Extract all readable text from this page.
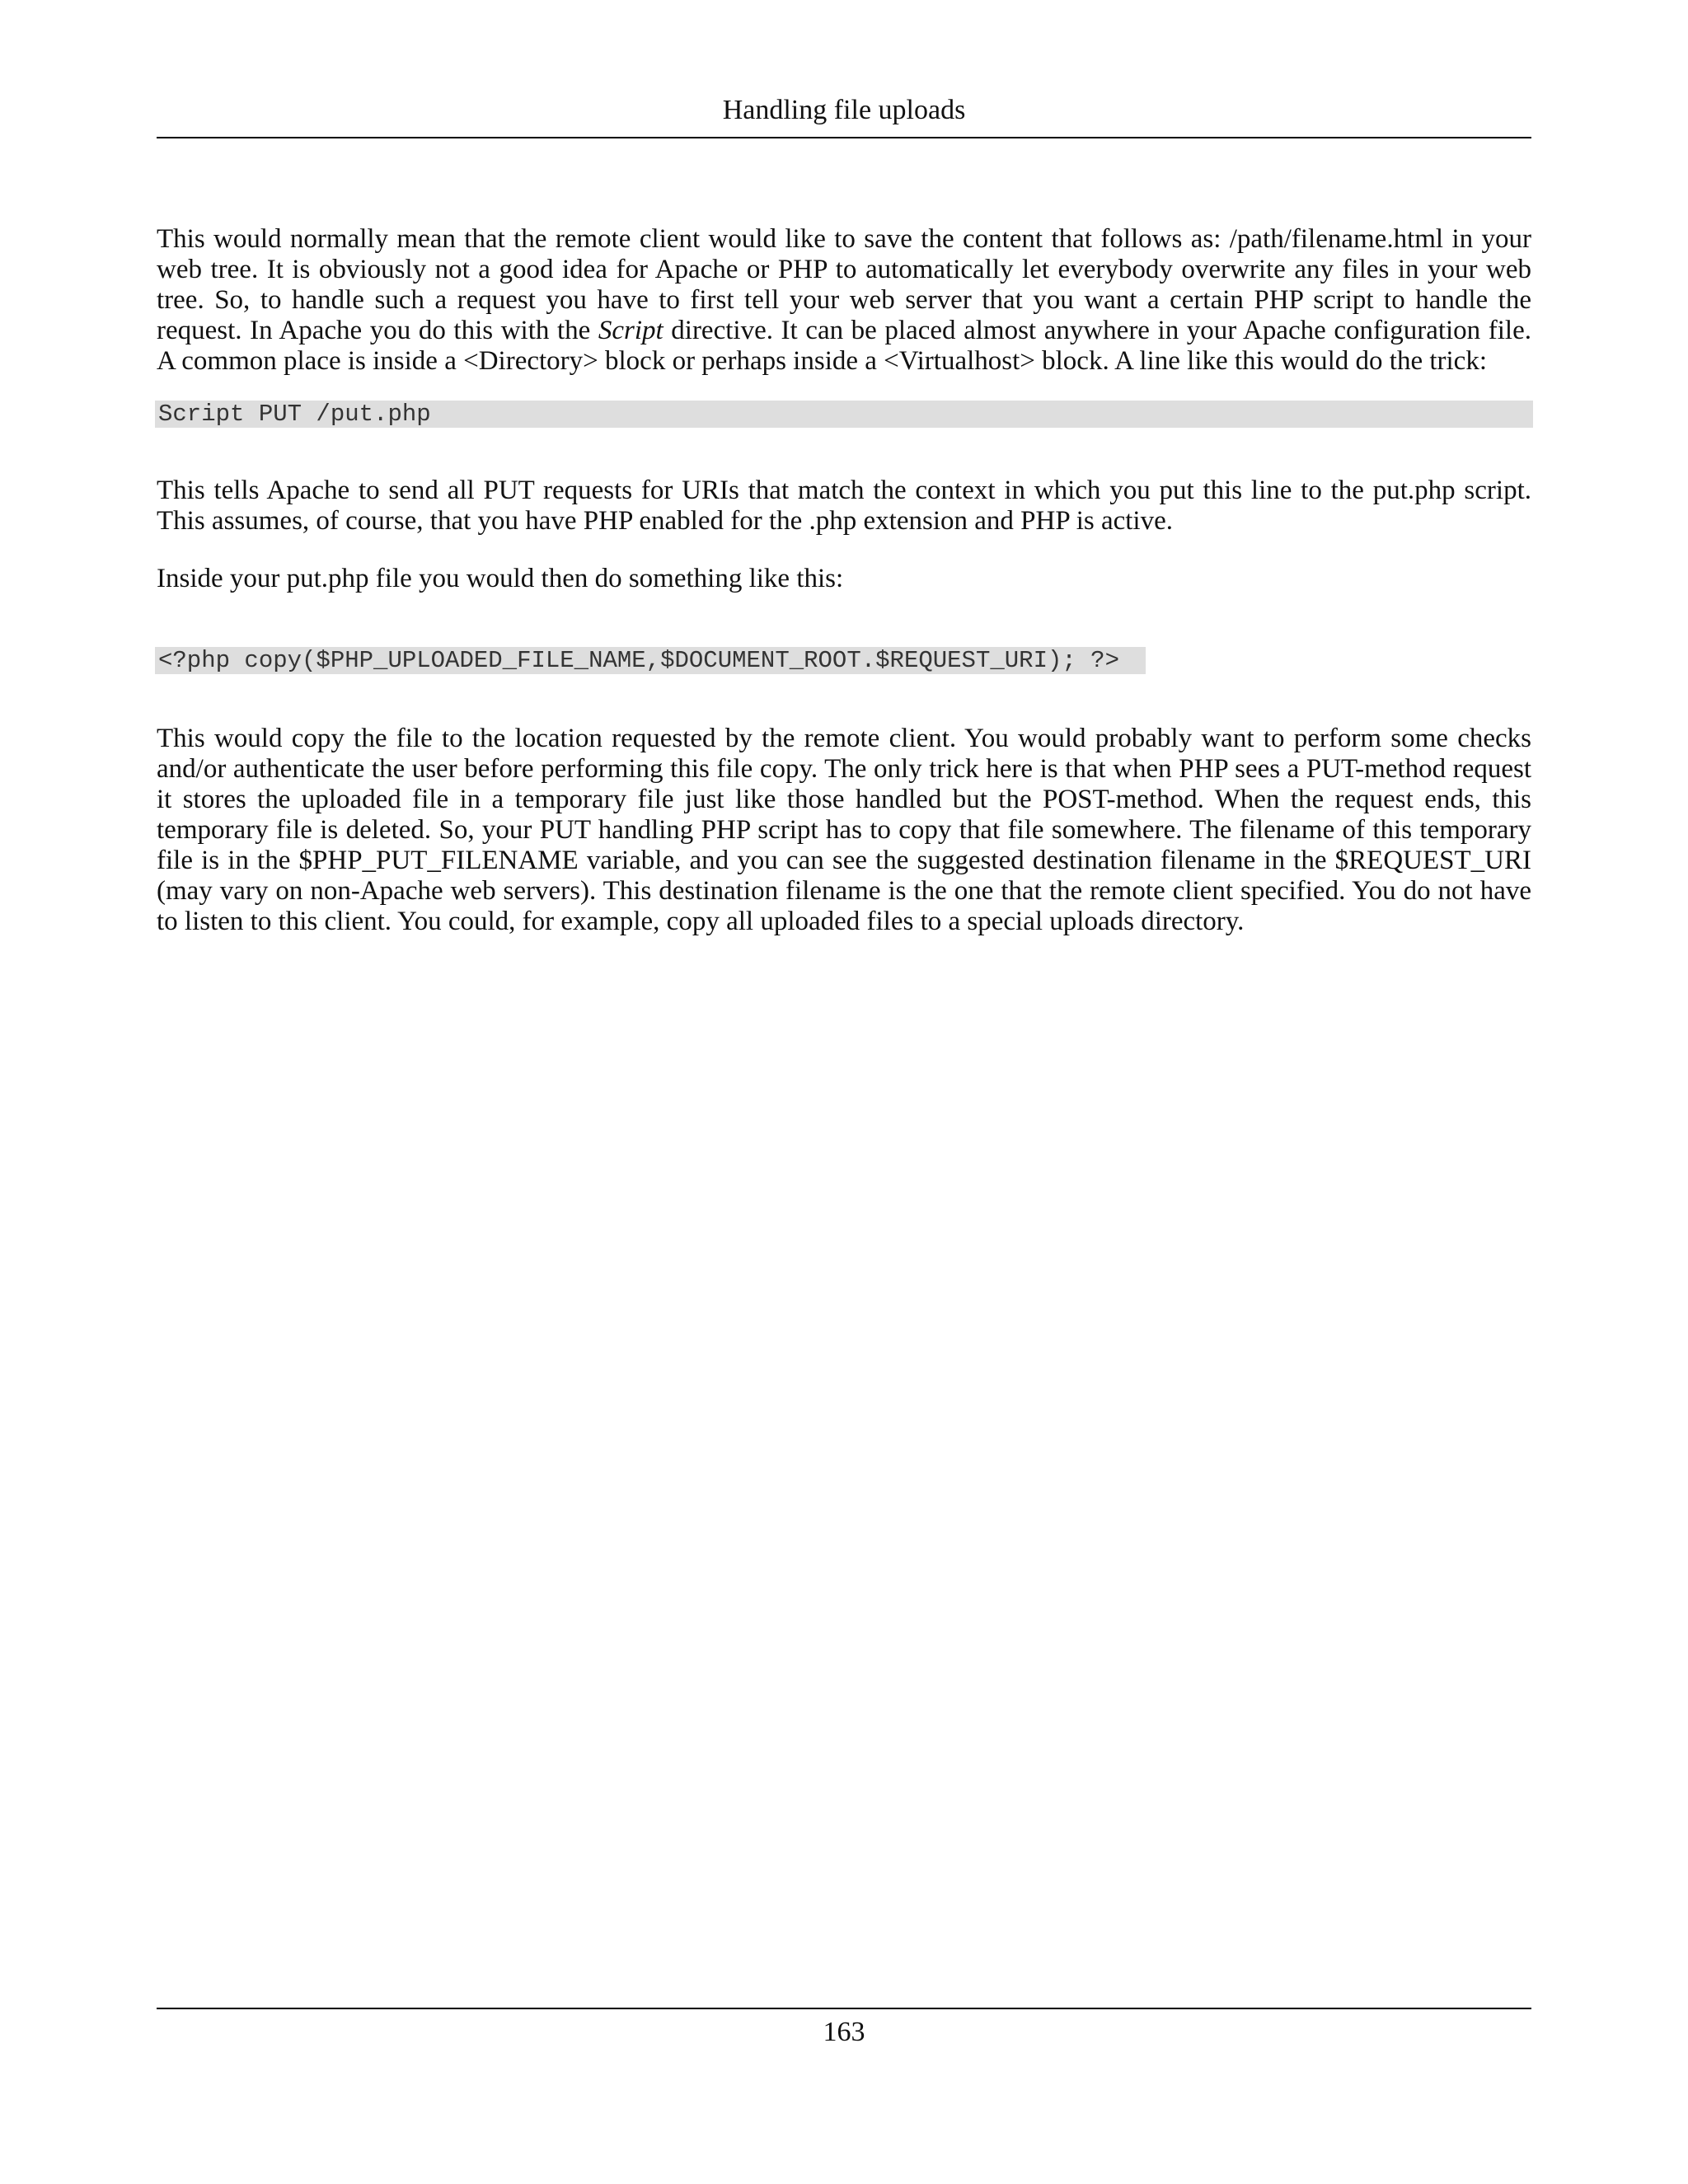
Handling file uploads

This would normally mean that the remote client would like to save the content that follows as: /path/filename.html in your web tree. It is obviously not a good idea for Apache or PHP to automatically let everybody overwrite any files in your web tree. So, to handle such a request you have to first tell your web server that you want a certain PHP script to handle the request. In Apache you do this with the Script directive. It can be placed almost anywhere in your Apache configuration file. A common place is inside a <Directory> block or perhaps inside a <Virtualhost> block. A line like this would do the trick:

Script PUT /put.php

This tells Apache to send all PUT requests for URIs that match the context in which you put this line to the put.php script. This assumes, of course, that you have PHP enabled for the .php extension and PHP is active.

Inside your put.php file you would then do something like this:

<?php copy($PHP_UPLOADED_FILE_NAME,$DOCUMENT_ROOT.$REQUEST_URI); ?>

This would copy the file to the location requested by the remote client. You would probably want to perform some checks and/or authenticate the user before performing this file copy. The only trick here is that when PHP sees a PUT-method request it stores the uploaded file in a temporary file just like those handled but the POST-method. When the request ends, this temporary file is deleted. So, your PUT handling PHP script has to copy that file somewhere. The filename of this temporary file is in the $PHP_PUT_FILENAME variable, and you can see the suggested destination filename in the $REQUEST_URI (may vary on non-Apache web servers). This destination filename is the one that the remote client specified. You do not have to listen to this client. You could, for example, copy all uploaded files to a special uploads directory.

163
